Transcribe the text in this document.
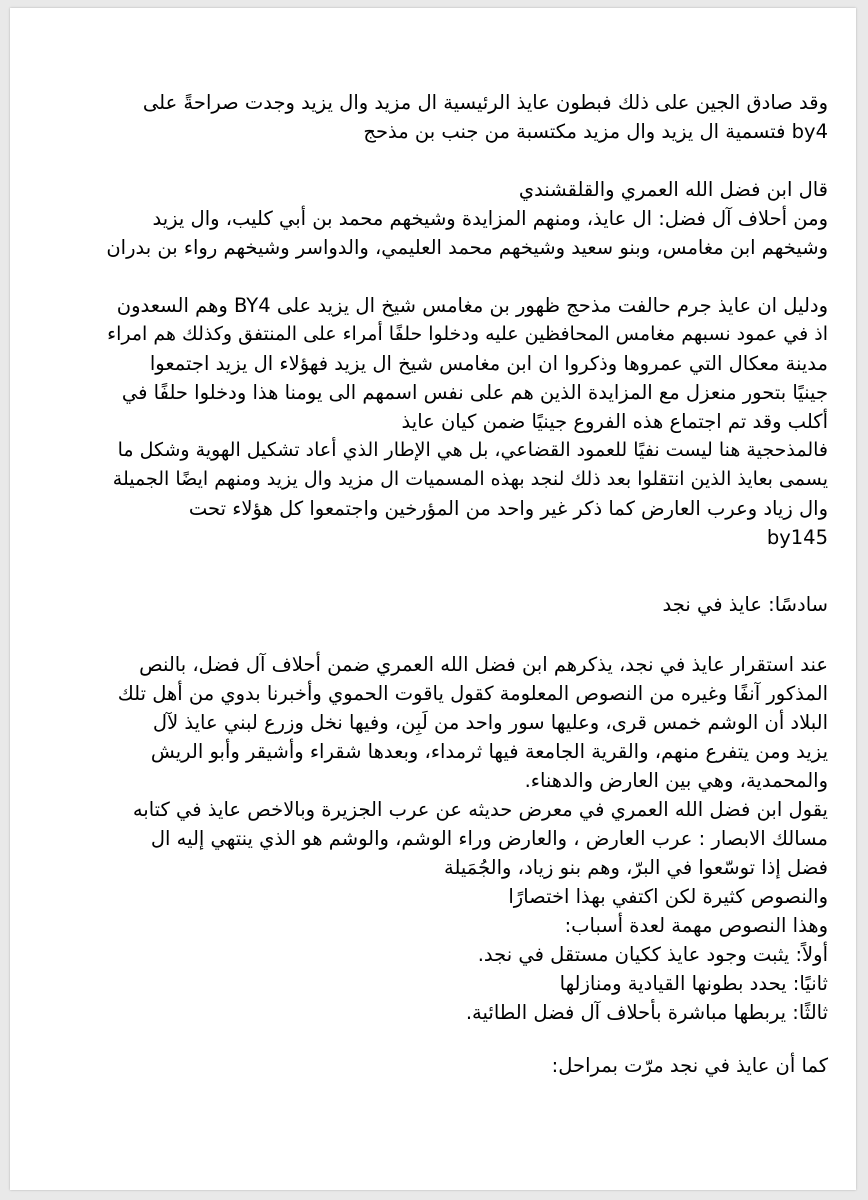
وقد صادق الجين على ذلك فبطون عايذ الرئيسية ال مزيد وال يزيد وجدت صراحةً على
by4 فتسمية ال يزيد وال مزيد مكتسبة من جنب بن مذحج
قال ابن فضل الله العمري والقلقشندي
ومن أحلاف آل فضل: ال عايذ، ومنهم المزايدة وشيخهم محمد بن أبي كليب، وال يزيد
وشيخهم ابن مغامس، وبنو سعيد وشيخهم محمد العليمي، والدواسر وشيخهم رواء بن بدران
ودليل ان عايذ جرم حالفت مذحج ظهور بن مغامس شيخ ال يزيد على BY4 وهم السعدون
اذ في عمود نسبهم مغامس المحافظين عليه ودخلوا حلفًا أمراء على المنتفق وكذلك هم امراء
مدينة معكال التي عمروها وذكروا ان ابن مغامس شيخ ال يزيد فهؤلاء ال يزيد اجتمعوا
جينيًا بتحور منعزل مع المزايدة الذين هم على نفس اسمهم الى يومنا هذا ودخلوا حلفًا في
أكلب وقد تم اجتماع هذه الفروع جينيًا ضمن كيان عايذ
فالمذحجية هنا ليست نفيًا للعمود القضاعي، بل هي الإطار الذي أعاد تشكيل الهوية وشكل ما
يسمى بعايذ الذين انتقلوا بعد ذلك لنجد بهذه المسميات ال مزيد وال يزيد ومنهم ايضًا الجميلة
وال زياد وعرب العارض كما ذكر غير واحد من المؤرخين واجتمعوا كل هؤلاء تحت
by145
سادسًا: عايذ في نجد
عند استقرار عايذ في نجد، يذكرهم ابن فضل الله العمري ضمن أحلاف آل فضل، بالنص
المذكور آنفًا وغيره من النصوص المعلومة كقول ياقوت الحموي وأخبرنا بدوي من أهل تلك
البلاد أن الوشم خمس قرى، وعليها سور واحد من لَبِن، وفيها نخل وزرع لبني عايذ لآل
يزيد ومن يتفرع منهم، والقرية الجامعة فيها ثرمداء، وبعدها شقراء وأشيقر وأبو الريش
والمحمدية، وهي بين العارض والدهناء.
يقول ابن فضل الله العمري في معرض حديثه عن عرب الجزيرة وبالاخص عايذ في كتابه
مسالك الابصار : عرب العارض ، والعارض وراء الوشم، والوشم هو الذي ينتهي إليه ال
فضل إذا توسّعوا في البرّ، وهم بنو زياد، والجُمَيلة
والنصوص كثيرة لكن اكتفي بهذا اختصارًا
وهذا النصوص مهمة لعدة أسباب:
أولاً: يثبت وجود عايذ ككيان مستقل في نجد.
ثانيًا: يحدد بطونها القيادية ومنازلها
ثالثًا: يربطها مباشرة بأحلاف آل فضل الطائية.
كما أن عايذ في نجد مرّت بمراحل:
